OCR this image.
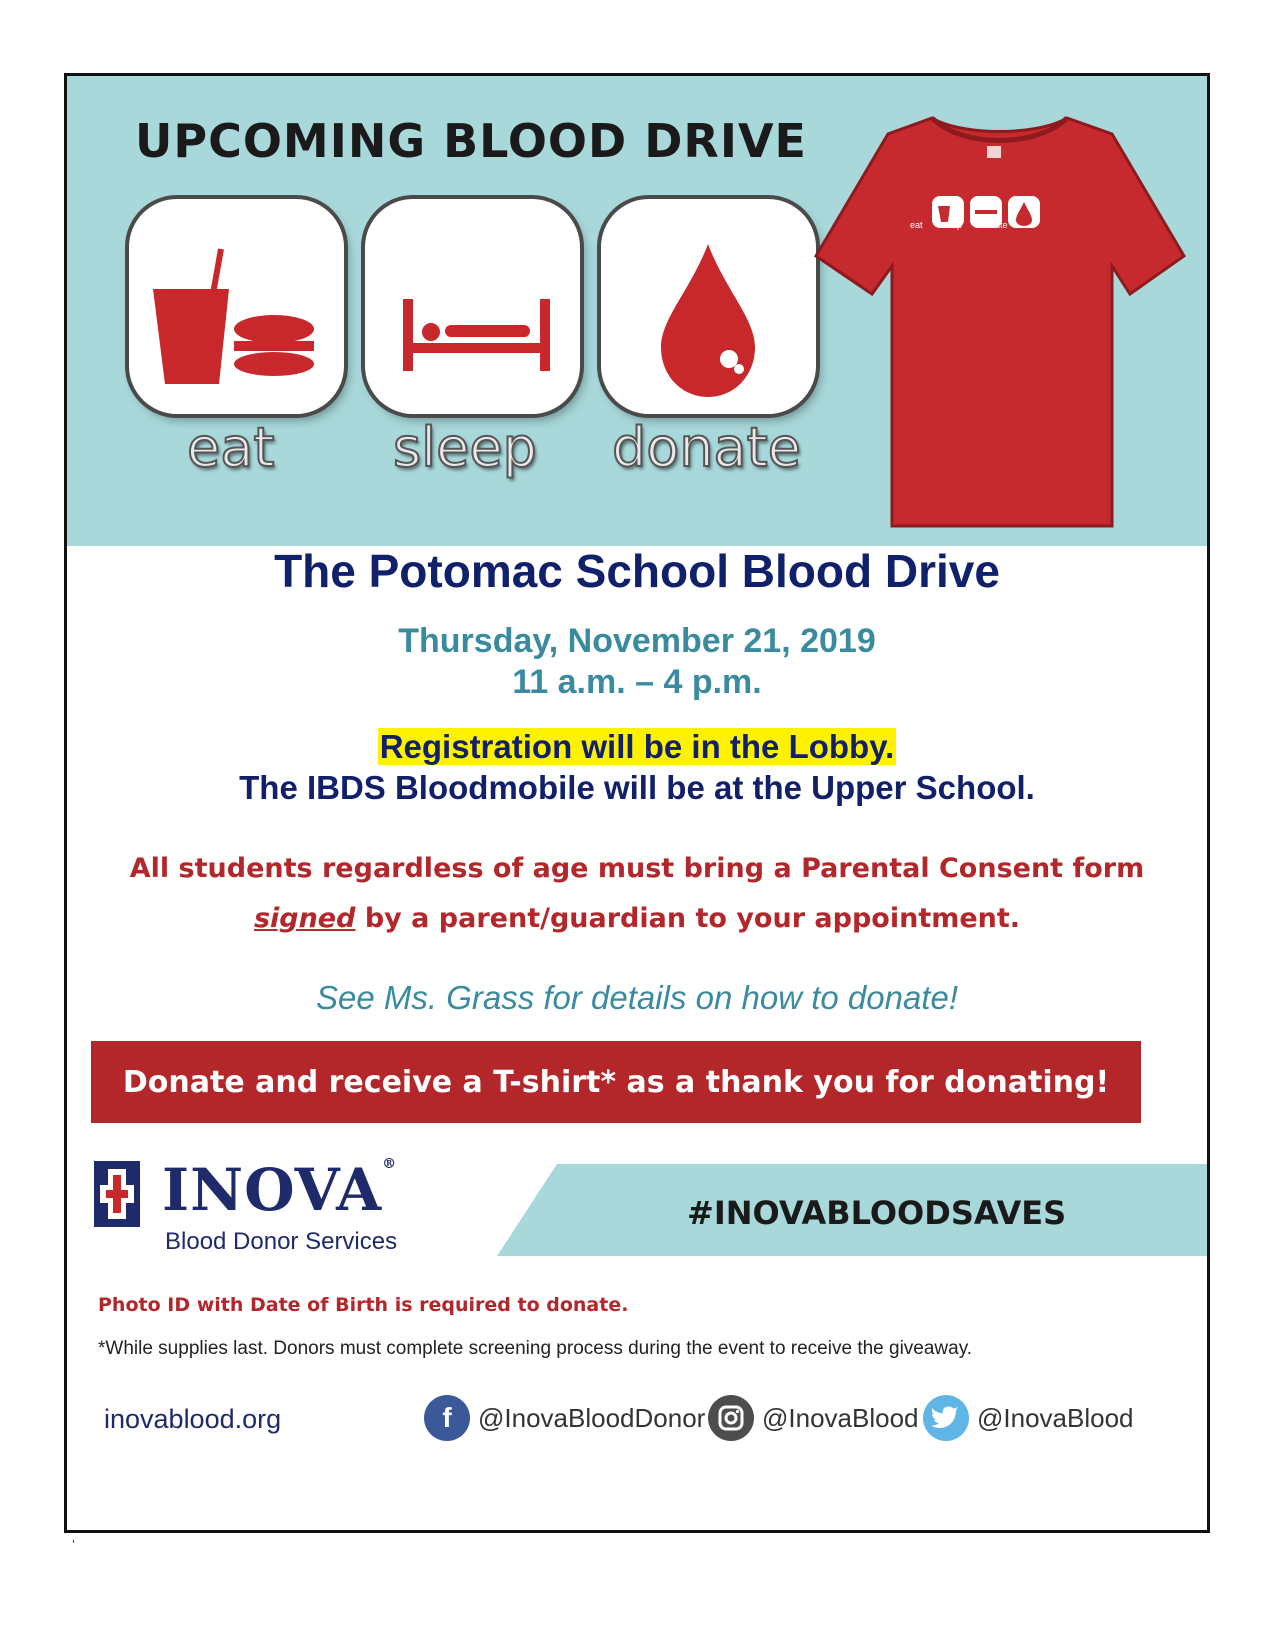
UPCOMING BLOOD DRIVE
eat sleep donate
eat sleep donate
The Potomac School Blood Drive
Thursday, November 21, 2019
11 a.m. – 4 p.m.
Registration will be in the Lobby.
The IBDS Bloodmobile will be at the Upper School.
All students regardless of age must bring a Parental Consent form
signed by a parent/guardian to your appointment.
See Ms. Grass for details on how to donate!
Donate and receive a T-shirt* as a thank you for donating!
INOVA®
Blood Donor Services
#INOVABLOODSAVES
Photo ID with Date of Birth is required to donate.
*While supplies last. Donors must complete screening process during the event to receive the giveaway.
inovablood.org	f	@InovaBloodDonor @InovaBlood @InovaBlood
‘
